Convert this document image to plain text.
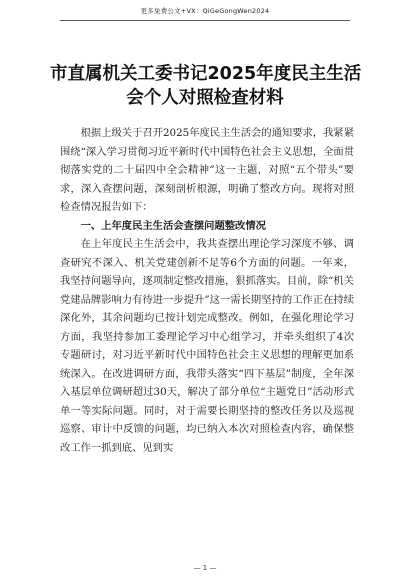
更多免费公文+VX：QiGeGongWen2024
市直属机关工委书记2025年度民主生活
会个人对照检查材料

根据上级关于召开2025年度民主生活会的通知要求，我紧紧围绕“深入学习贯彻习近平新时代中国特色社会主义思想，全面贯彻落实党的二十届四中全会精神”这一主题，对照“五个带头”要求，深入查摆问题，深刻剖析根源，明确了整改方向。现将对照检查情况报告如下：

一、上年度民主生活会查摆问题整改情况

在上年度民主生活会中，我共查摆出理论学习深度不够、调查研究不深入、机关党建创新不足等6个方面的问题。一年来，我坚持问题导向，逐项制定整改措施，狠抓落实。目前，除“机关党建品牌影响力有待进一步提升”这一需长期坚持的工作正在持续深化外，其余问题均已按计划完成整改。例如，在强化理论学习方面，我坚持参加工委理论学习中心组学习，并牵头组织了4次专题研讨，对习近平新时代中国特色社会主义思想的理解更加系统深入。在改进调研方面，我带头落实“四下基层”制度，全年深入基层单位调研超过30天，解决了部分单位“主题党日”活动形式单一等实际问题。同时，对于需要长期坚持的整改任务以及巡视巡察、审计中反馈的问题，均已纳入本次对照检查内容，确保整改工作一抓到底、见到实

— 1 —
